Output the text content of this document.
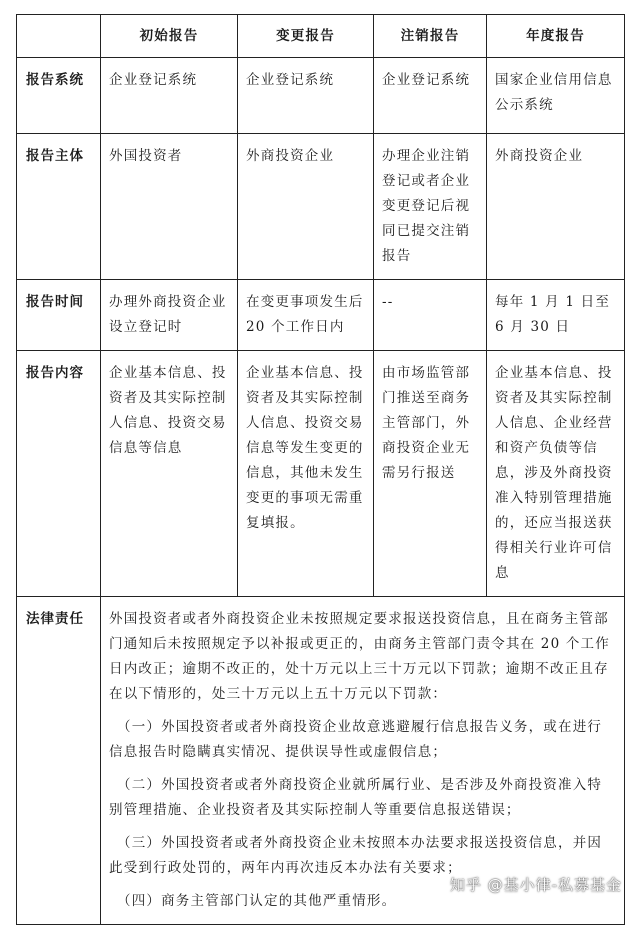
	初始报告	变更报告	注销报告	年度报告
报告系统	企业登记系统	企业登记系统	企业登记系统	国家企业信用信息公示系统
报告主体	外国投资者	外商投资企业	办理企业注销登记或者企业变更登记后视同已提交注销报告	外商投资企业
报告时间	办理外商投资企业设立登记时	在变更事项发生后 20 个工作日内	--	每年 1 月 1 日至 6 月 30 日
报告内容	企业基本信息、投资者及其实际控制人信息、投资交易信息等信息	企业基本信息、投资者及其实际控制人信息、投资交易信息等发生变更的信息，其他未发生变更的事项无需重复填报。	由市场监管部门推送至商务主管部门，外商投资企业无需另行报送	企业基本信息、投资者及其实际控制人信息、企业经营和资产负债等信息，涉及外商投资准入特别管理措施的，还应当报送获得相关行业许可信息
法律责任	外国投资者或者外商投资企业未按照规定要求报送投资信息，且在商务主管部门通知后未按照规定予以补报或更正的，由商务主管部门责令其在 20 个工作日内改正；逾期不改正的，处十万元以上三十万元以下罚款；逾期不改正且存在以下情形的，处三十万元以上五十万元以下罚款：

（一）外国投资者或者外商投资企业故意逃避履行信息报告义务，或在进行信息报告时隐瞒真实情况、提供误导性或虚假信息；

（二）外国投资者或者外商投资企业就所属行业、是否涉及外商投资准入特别管理措施、企业投资者及其实际控制人等重要信息报送错误；

（三）外国投资者或者外商投资企业未按照本办法要求报送投资信息，并因此受到行政处罚的，两年内再次违反本办法有关要求；

（四）商务主管部门认定的其他严重情形。			

知乎 @基小律-私募基金
